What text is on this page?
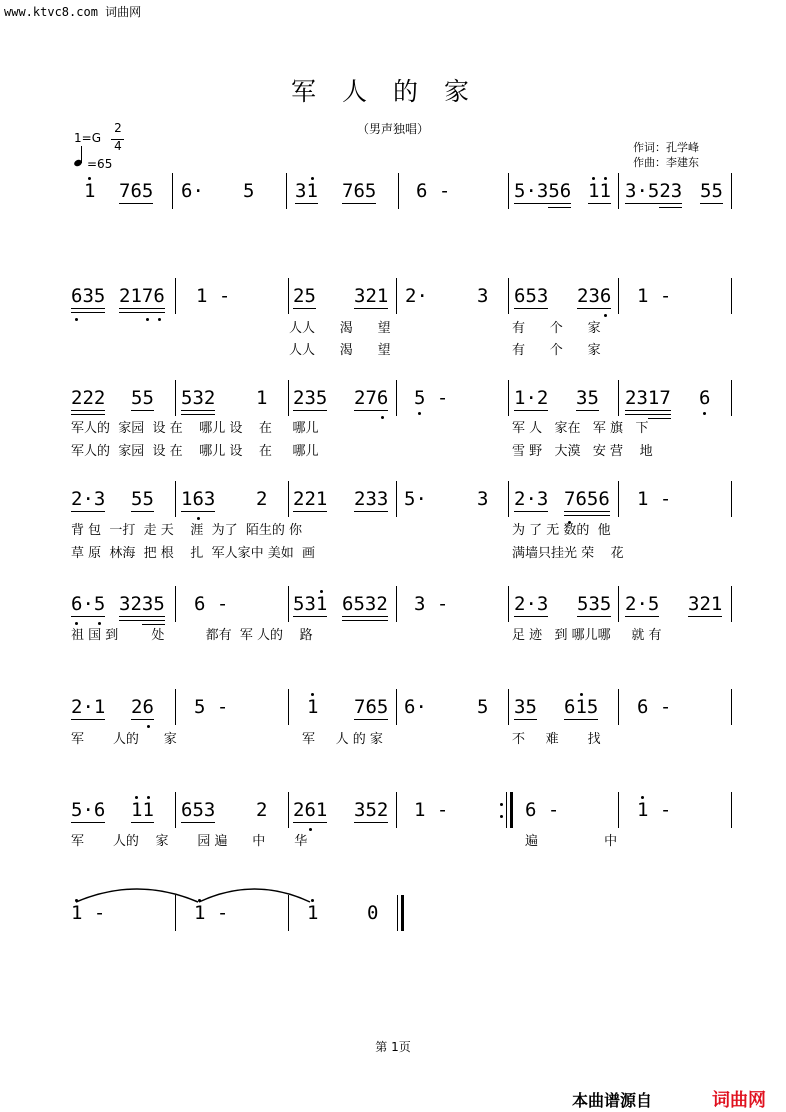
www.ktvc8.com 词曲网
军人的家
（男声独唱）
作词：孔学峰
作曲：李建东
1=G
2
4
=65
1 765 6· 5 31 765 6 -	5·356 11 3·523 55
635 2176 1 -	25 321 2·	3 653 236 1 -
人人      渴      望	有      个      家
人人      渴      望	有      个      家
222 55 532 1 235 276 5 -	1·2 35 2317 6
军人的  家园  设 在    哪儿 设    在     哪儿	军 人   家在   军 旗   下
军人的  家园  设 在    哪儿 设    在     哪儿	雪 野   大漠   安 营    地
2·3 55 163 2 221 233 5·	3 2·3 7656 1 -
背 包  一打  走 天    涯  为了  陌生的 你	为 了 无 数的  他
草 原  林海  把 根    扎  军人家中 美如  画	满墙只挂光 荣    花
6·5 3235 6 -	531 6532 3 -	2·3 535 2·5 321
祖 国 到        处          都有  军 人的    路	足 迹   到 哪儿哪     就 有
2·1 26 5 -	1 765 6·	5 35 615 6 -
军       人的      家	军     人 的 家	不     难       找
5·6 11 653 2 261 352 1 -	6 -	1 -
军       人的    家       园 遍      中       华	遍                中
1 -	1 -	1	0
第 1页
本曲谱源自	词曲网
